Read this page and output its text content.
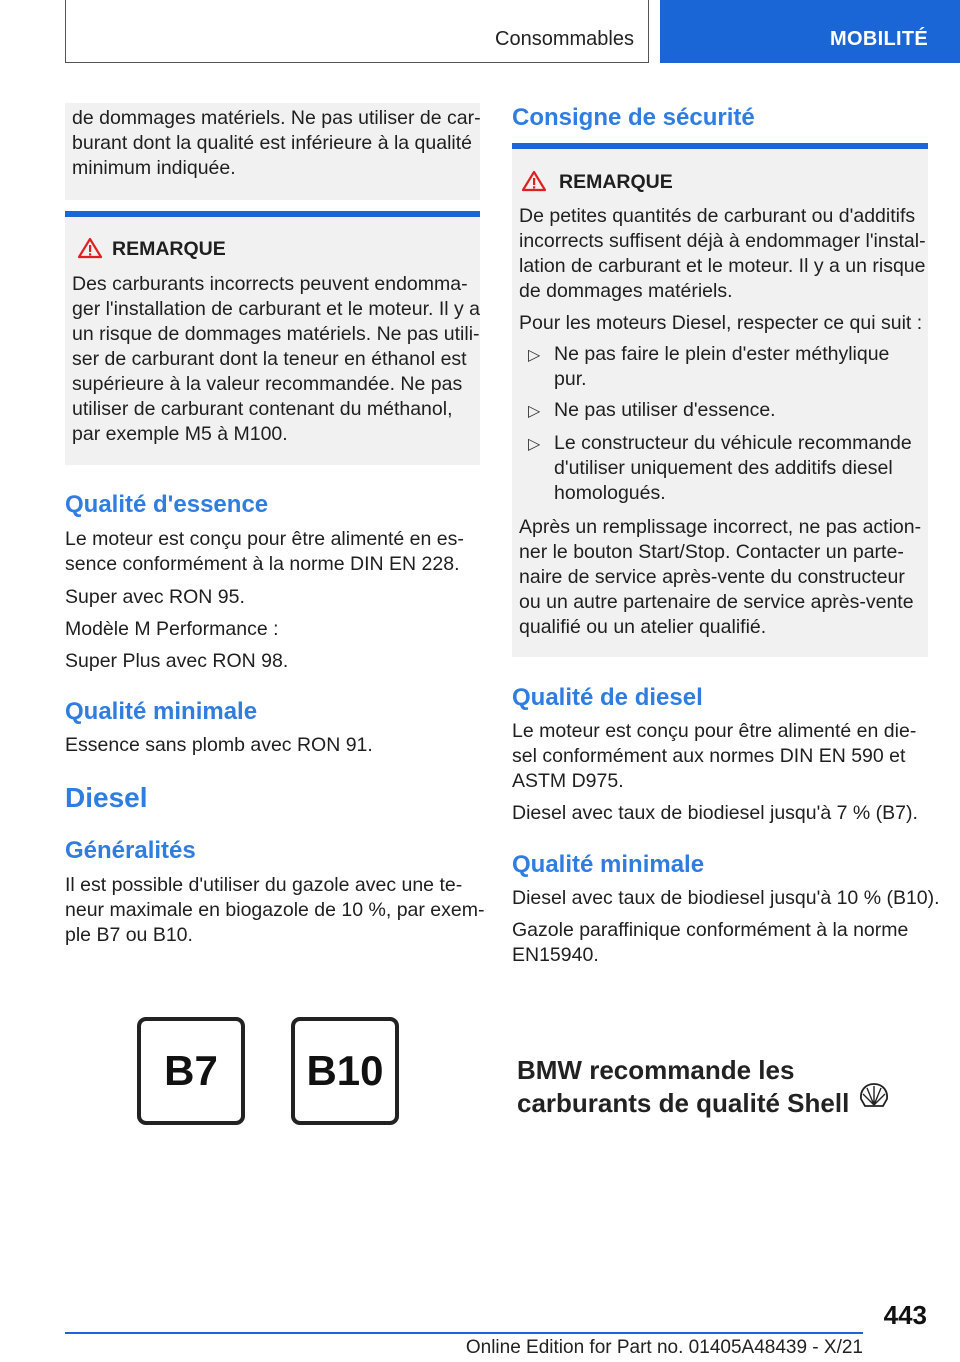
Consommables	MOBILITÉ
de dommages matériels. Ne pas utiliser de car-
burant dont la qualité est inférieure à la qualité
minimum indiquée.
REMARQUE
Des carburants incorrects peuvent endomma-
ger l'installation de carburant et le moteur. Il y a
un risque de dommages matériels. Ne pas utili-
ser de carburant dont la teneur en éthanol est
supérieure à la valeur recommandée. Ne pas
utiliser de carburant contenant du méthanol,
par exemple M5 à M100.
Qualité d'essence
Le moteur est conçu pour être alimenté en es-
sence conformément à la norme DIN EN 228.
Super avec RON 95.
Modèle M Performance :
Super Plus avec RON 98.
Qualité minimale
Essence sans plomb avec RON 91.
Diesel
Généralités
Il est possible d'utiliser du gazole avec une te-
neur maximale en biogazole de 10 %, par exem-
ple B7 ou B10.
B7	B10
Consigne de sécurité
REMARQUE
De petites quantités de carburant ou d'additifs
incorrects suffisent déjà à endommager l'instal-
lation de carburant et le moteur. Il y a un risque
de dommages matériels.
Pour les moteurs Diesel, respecter ce qui suit :
▷ Ne pas faire le plein d'ester méthylique
pur.
▷ Ne pas utiliser d'essence.
▷ Le constructeur du véhicule recommande
d'utiliser uniquement des additifs diesel
homologués.
Après un remplissage incorrect, ne pas action-
ner le bouton Start/Stop. Contacter un parte-
naire de service après-vente du constructeur
ou un autre partenaire de service après-vente
qualifié ou un atelier qualifié.
Qualité de diesel
Le moteur est conçu pour être alimenté en die-
sel conformément aux normes DIN EN 590 et
ASTM D975.
Diesel avec taux de biodiesel jusqu'à 7 % (B7).
Qualité minimale
Diesel avec taux de biodiesel jusqu'à 10 % (B10).
Gazole paraffinique conformément à la norme
EN15940.
BMW recommande les
carburants de qualité Shell
443
Online Edition for Part no. 01405A48439 - X/21
